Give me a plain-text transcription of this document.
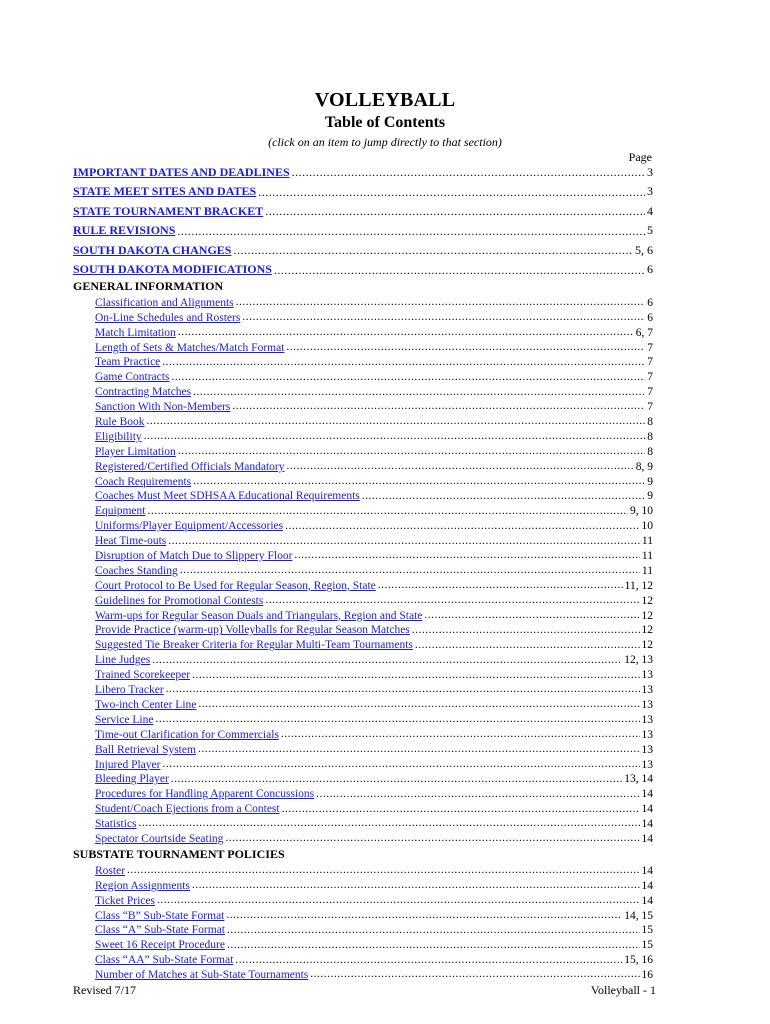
VOLLEYBALL
Table of Contents
(click on an item to jump directly to that section)
Page
IMPORTANT DATES AND DEADLINES .....	3
STATE MEET SITES AND DATES .....	3
STATE TOURNAMENT BRACKET .....	4
RULE REVISIONS .....	5
SOUTH DAKOTA CHANGES .....	5, 6
SOUTH DAKOTA MODIFICATIONS .....	6
GENERAL INFORMATION
Classification and Alignments .....	6
On-Line Schedules and Rosters .....	6
Match Limitation .....	6, 7
Length of Sets & Matches/Match Format .....	7
Team Practice .....	7
Game Contracts .....	7
Contracting Matches .....	7
Sanction With Non-Members .....	7
Rule Book .....	8
Eligibility .....	8
Player Limitation .....	8
Registered/Certified Officials Mandatory .....	8, 9
Coach Requirements .....	9
Coaches Must Meet SDHSAA Educational Requirements .....	9
Equipment .....	9, 10
Uniforms/Player Equipment/Accessories .....	10
Heat Time-outs .....	11
Disruption of Match Due to Slippery Floor .....	11
Coaches Standing .....	11
Court Protocol to Be Used for Regular Season, Region, State .....	11, 12
Guidelines for Promotional Contests .....	12
Warm-ups for Regular Season Duals and Triangulars, Region and State .....	12
Provide Practice (warm-up) Volleyballs for Regular Season Matches .....	12
Suggested Tie Breaker Criteria for Regular Multi-Team Tournaments .....	12
Line Judges .....	12, 13
Trained Scorekeeper .....	13
Libero Tracker .....	13
Two-inch Center Line .....	13
Service Line .....	13
Time-out Clarification for Commercials .....	13
Ball Retrieval System .....	13
Injured Player .....	13
Bleeding Player .....	13, 14
Procedures for Handling Apparent Concussions .....	14
Student/Coach Ejections from a Contest .....	14
Statistics .....	14
Spectator Courtside Seating .....	14
SUBSTATE TOURNAMENT POLICIES
Roster .....	14
Region Assignments .....	14
Ticket Prices .....	14
Class “B” Sub-State Format .....	14, 15
Class “A” Sub-State Format .....	15
Sweet 16 Receipt Procedure .....	15
Class “AA” Sub-State Format .....	15, 16
Number of Matches at Sub-State Tournaments .....	16
Revised 7/17	Volleyball - 1
